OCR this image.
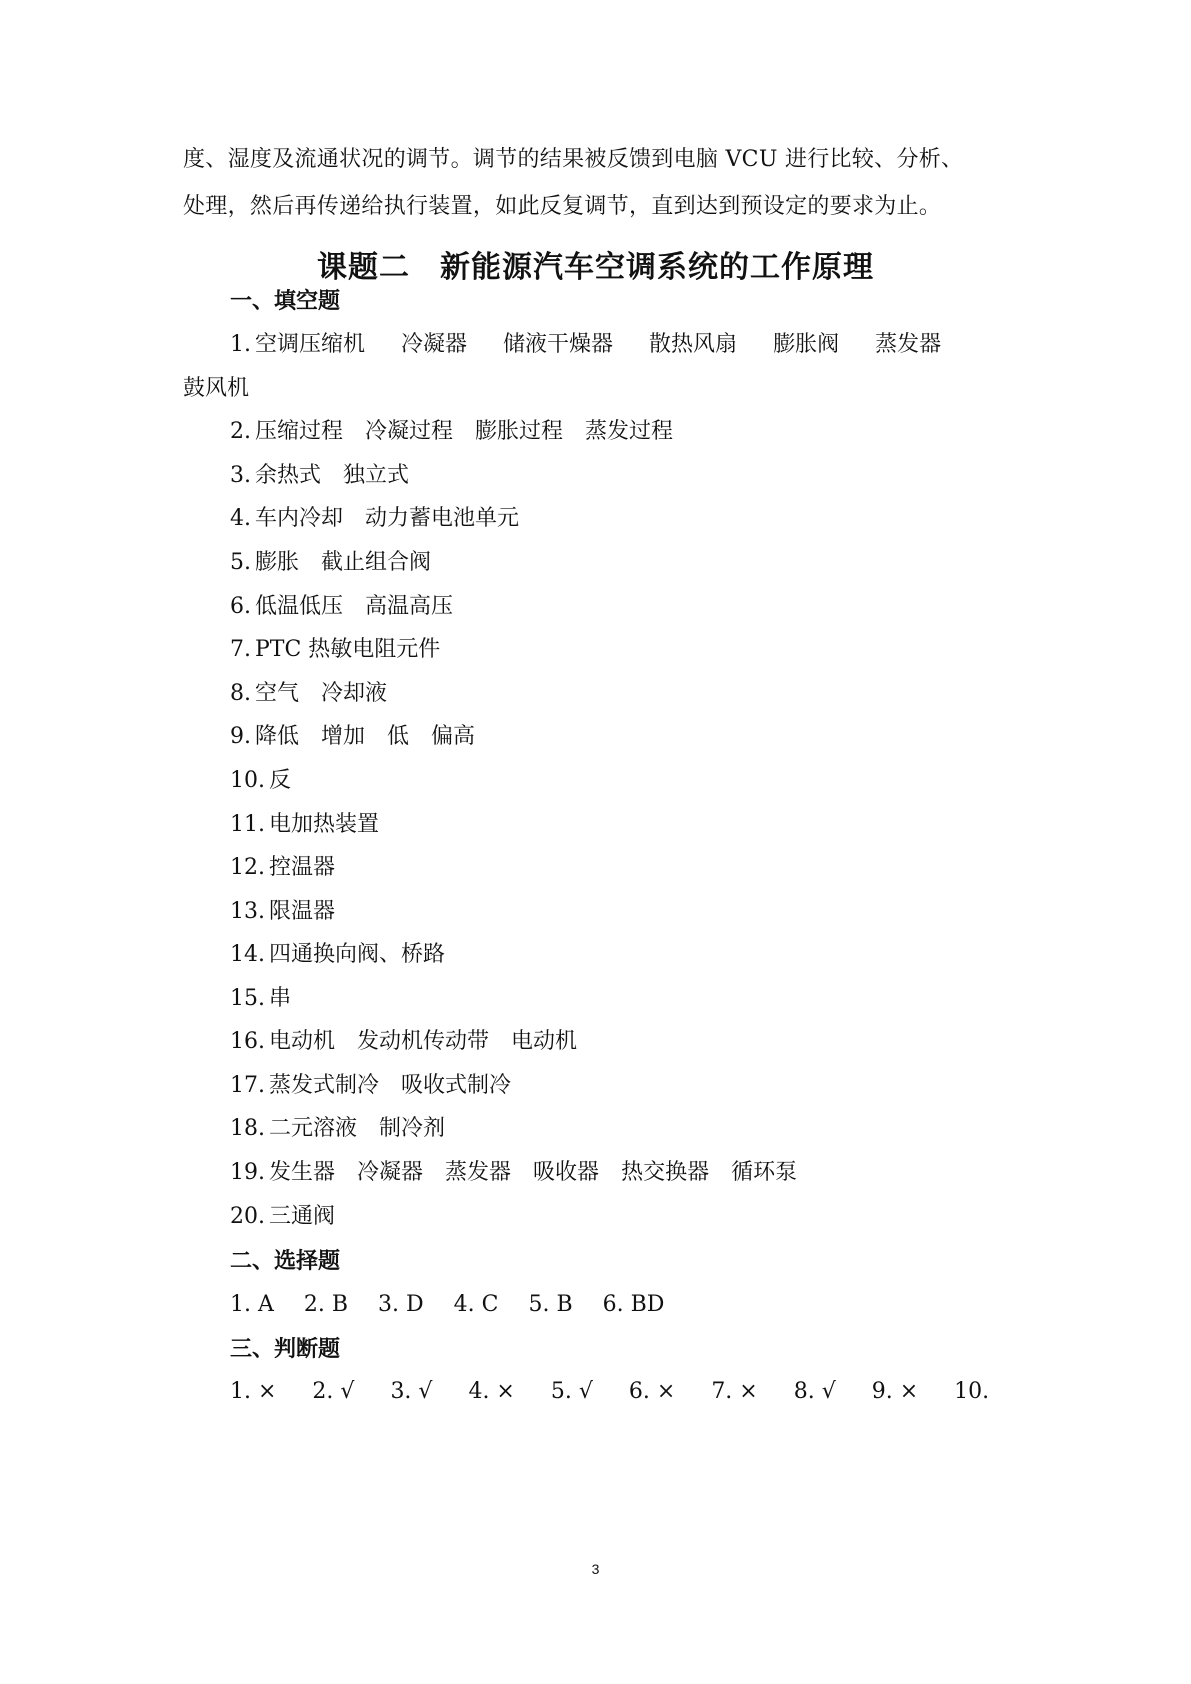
度、湿度及流通状况的调节。调节的结果被反馈到电脑 VCU 进行比较、分析、

处理，然后再传递给执行装置，如此反复调节，直到达到预设定的要求为止。

课题二 新能源汽车空调系统的工作原理
一、填空题
1. 空调压缩机 冷凝器 储液干燥器 散热风扇 膨胀阀 蒸发器
鼓风机
2. 压缩过程 冷凝过程 膨胀过程 蒸发过程
3. 余热式 独立式
4. 车内冷却 动力蓄电池单元
5. 膨胀 截止组合阀
6. 低温低压 高温高压
7. PTC 热敏电阻元件
8. 空气 冷却液
9. 降低 增加 低 偏高
10. 反
11. 电加热装置
12. 控温器
13. 限温器
14. 四通换向阀、桥路
15. 串
16. 电动机 发动机传动带 电动机
17. 蒸发式制冷 吸收式制冷
18. 二元溶液 制冷剂
19. 发生器 冷凝器 蒸发器 吸收器 热交换器 循环泵
20. 三通阀
二、选择题
1. A 2. B 3. D 4. C 5. B 6. BD
三、判断题
1. × 2. √ 3. √ 4. × 5. √ 6. × 7. × 8. √ 9. × 10.
3
